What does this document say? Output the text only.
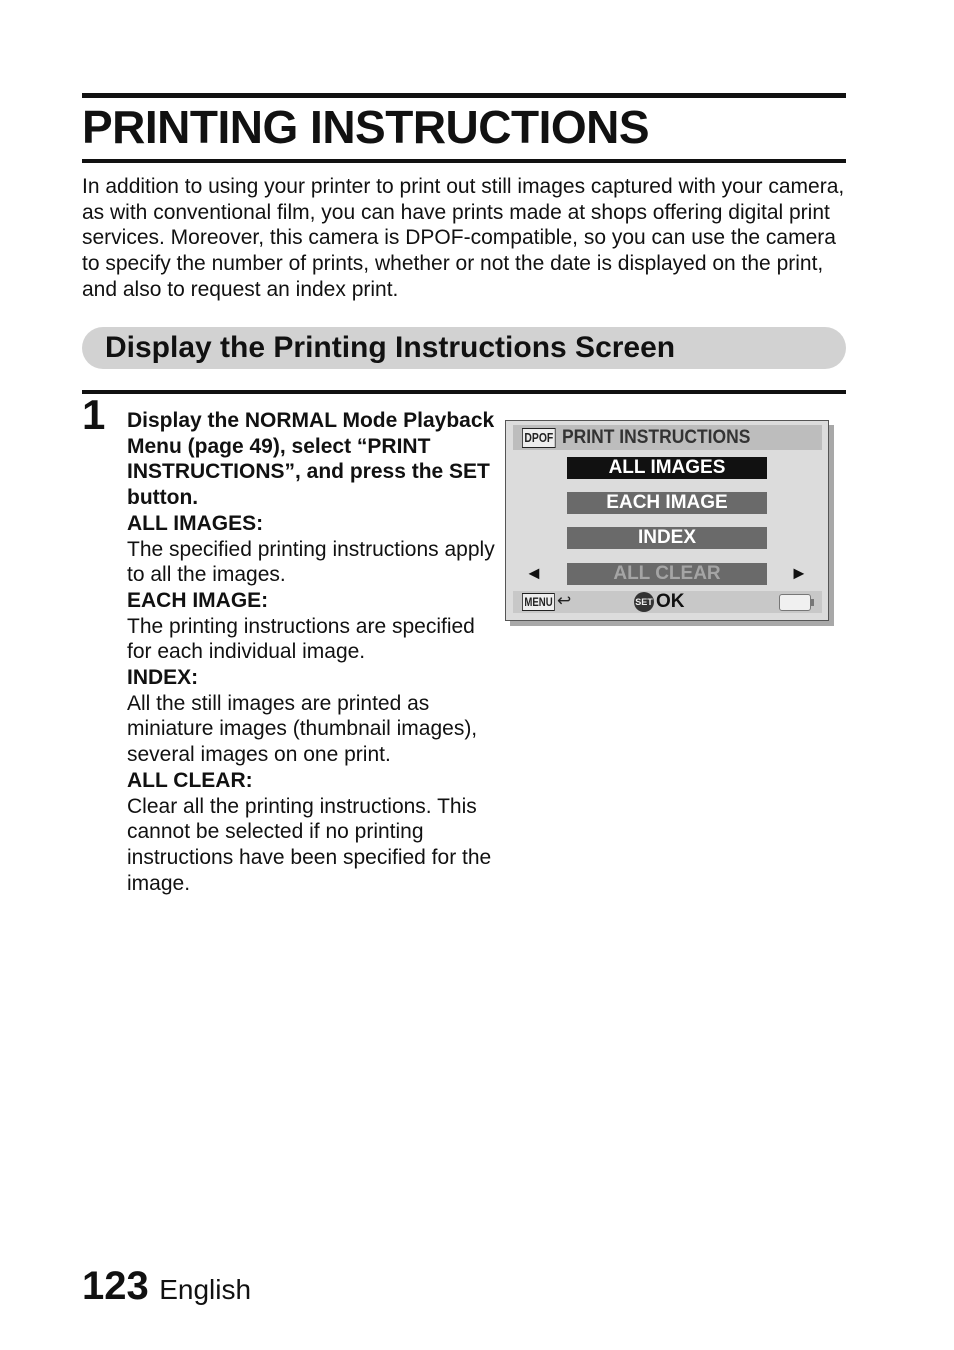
PRINTING INSTRUCTIONS

In addition to using your printer to print out still images captured with your camera, as with conventional film, you can have prints made at shops offering digital print services. Moreover, this camera is DPOF-compatible, so you can use the camera to specify the number of prints, whether or not the date is displayed on the print, and also to request an index print.

Display the Printing Instructions Screen
1 Display the NORMAL Mode Playback Menu (page 49), select “PRINT INSTRUCTIONS”, and press the SET button.

ALL IMAGES:

The specified printing instructions apply to all the images.

EACH IMAGE:

The printing instructions are specified for each individual image.

INDEX:

All the still images are printed as miniature images (thumbnail images), several images on one print.

ALL CLEAR:

Clear all the printing instructions. This cannot be selected if no printing instructions have been specified for the image.

DPOF PRINT INSTRUCTIONS
ALL IMAGES
EACH IMAGE
INDEX
ALL CLEAR
◄	►
MENU ↩	SET OK
123 English
